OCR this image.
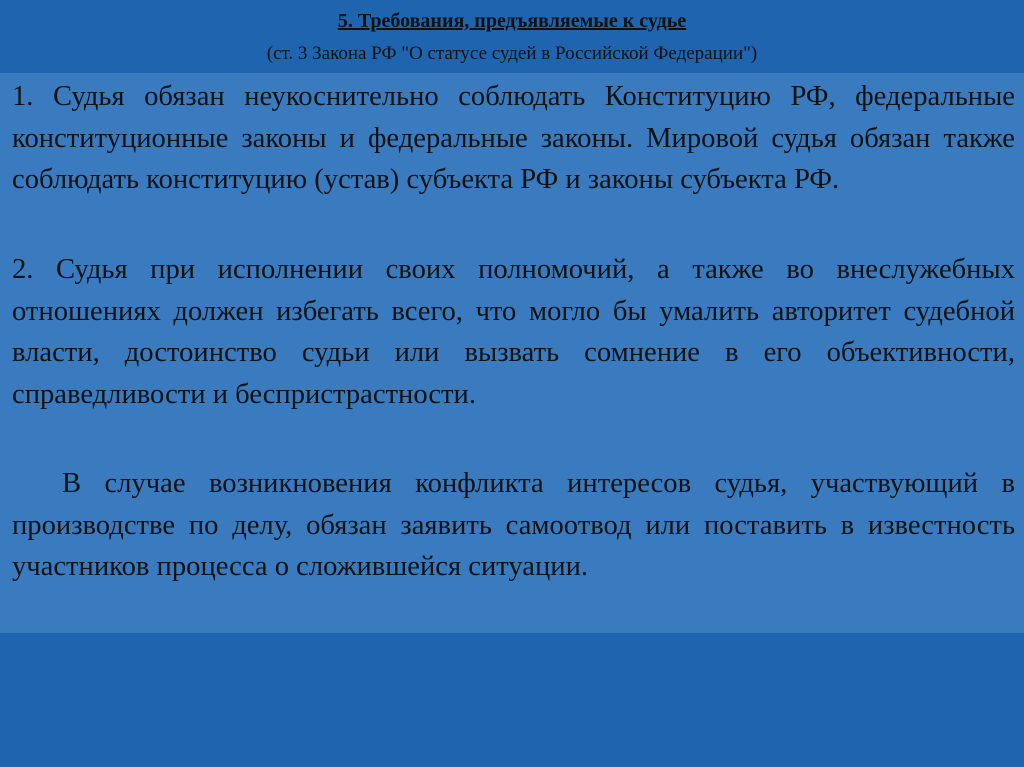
5. Требования, предъявляемые к судье
(ст. 3 Закона РФ "О статусе судей в Российской Федерации")

1. Судья обязан неукоснительно соблюдать Конституцию РФ, федеральные конституционные законы и федеральные законы. Мировой судья обязан также соблюдать конституцию (устав) субъекта РФ и законы субъекта РФ.

2. Судья при исполнении своих полномочий, а также во внеслужебных отношениях должен избегать всего, что могло бы умалить авторитет судебной власти, достоинство судьи или вызвать сомнение в его объективности, справедливости и беспристрастности.

В случае возникновения конфликта интересов судья, участвующий в производстве по делу, обязан заявить самоотвод или поставить в известность участников процесса о сложившейся ситуации.
